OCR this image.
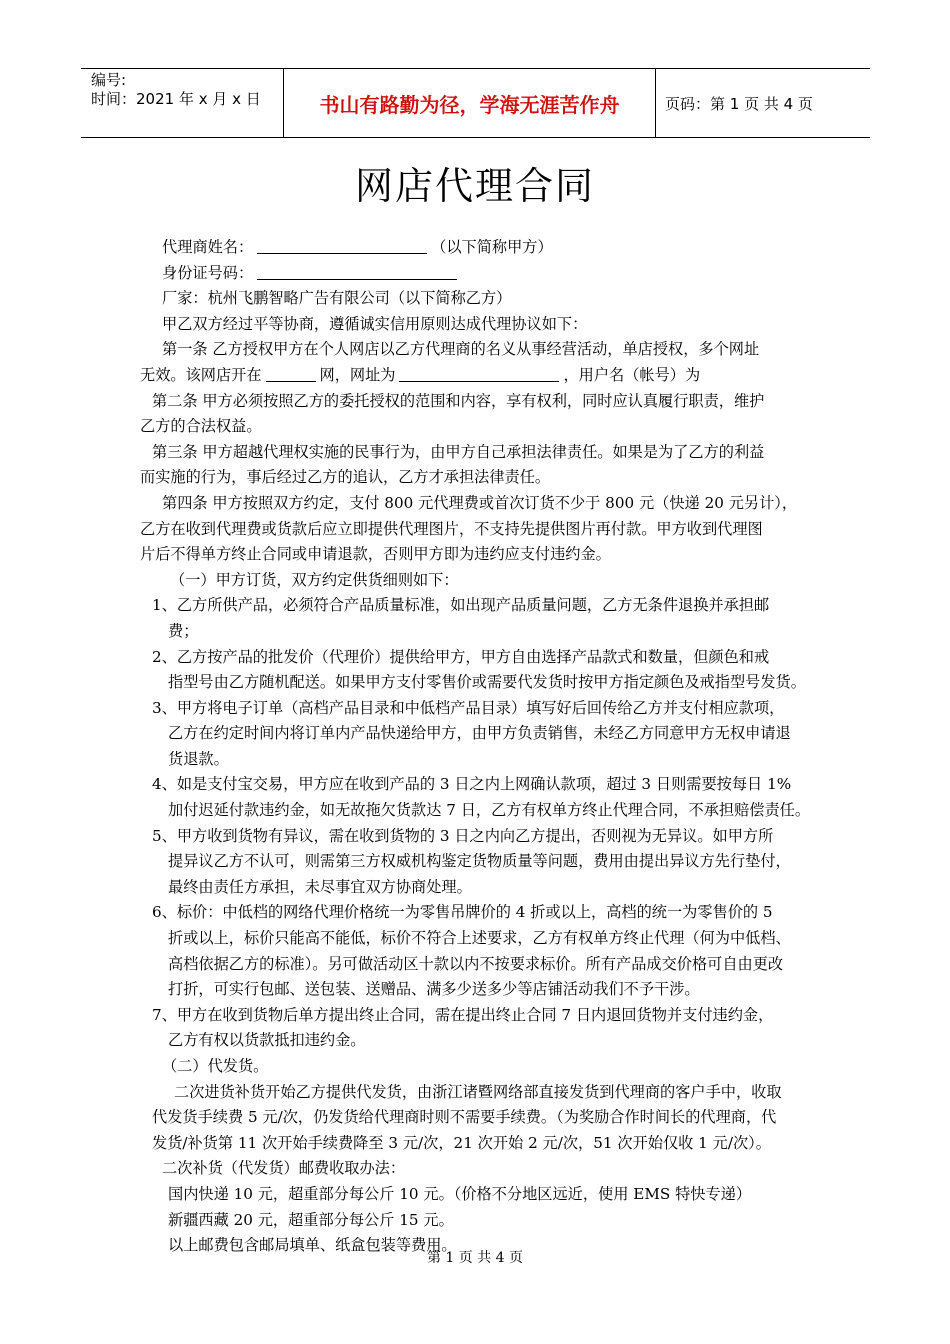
编号:
时间：2021 年 x 月 x 日	书山有路勤为径，学海无涯苦作舟	页码：第 1 页 共 4 页
网店代理合同
代理商姓名：	（以下简称甲方）
身份证号码：
厂家：杭州飞鹏智略广告有限公司（以下简称乙方）
甲乙双方经过平等协商，遵循诚实信用原则达成代理协议如下：
第一条 乙方授权甲方在个人网店以乙方代理商的名义从事经营活动，单店授权，多个网址
无效。该网店开在	网，网址为	，用户名（帐号）为
第二条 甲方必须按照乙方的委托授权的范围和内容，享有权利，同时应认真履行职责，维护
乙方的合法权益。
第三条 甲方超越代理权实施的民事行为，由甲方自己承担法律责任。如果是为了乙方的利益
而实施的行为，事后经过乙方的追认，乙方才承担法律责任。
第四条 甲方按照双方约定，支付 800 元代理费或首次订货不少于 800 元（快递 20 元另计），
乙方在收到代理费或货款后应立即提供代理图片，不支持先提供图片再付款。甲方收到代理图
片后不得单方终止合同或申请退款，否则甲方即为违约应支付违约金。
（一）甲方订货，双方约定供货细则如下：
1、乙方所供产品，必须符合产品质量标准，如出现产品质量问题，乙方无条件退换并承担邮
费；
2、乙方按产品的批发价（代理价）提供给甲方，甲方自由选择产品款式和数量，但颜色和戒
指型号由乙方随机配送。如果甲方支付零售价或需要代发货时按甲方指定颜色及戒指型号发货。
3、甲方将电子订单（高档产品目录和中低档产品目录）填写好后回传给乙方并支付相应款项，
乙方在约定时间内将订单内产品快递给甲方，由甲方负责销售，未经乙方同意甲方无权申请退
货退款。
4、如是支付宝交易，甲方应在收到产品的 3 日之内上网确认款项，超过 3 日则需要按每日 1%
加付迟延付款违约金，如无故拖欠货款达 7 日，乙方有权单方终止代理合同，不承担赔偿责任。
5、甲方收到货物有异议，需在收到货物的 3 日之内向乙方提出，否则视为无异议。如甲方所
提异议乙方不认可，则需第三方权威机构鉴定货物质量等问题，费用由提出异议方先行垫付，
最终由责任方承担，未尽事宜双方协商处理。
6、标价：中低档的网络代理价格统一为零售吊牌价的 4 折或以上，高档的统一为零售价的 5
折或以上，标价只能高不能低，标价不符合上述要求，乙方有权单方终止代理（何为中低档、
高档依据乙方的标准）。另可做活动区十款以内不按要求标价。所有产品成交价格可自由更改
打折，可实行包邮、送包装、送赠品、满多少送多少等店铺活动我们不予干涉。
7、甲方在收到货物后单方提出终止合同，需在提出终止合同 7 日内退回货物并支付违约金，
乙方有权以货款抵扣违约金。
（二）代发货。
二次进货补货开始乙方提供代发货，由浙江诸暨网络部直接发货到代理商的客户手中，收取
代发货手续费 5 元/次，仍发货给代理商时则不需要手续费。（为奖励合作时间长的代理商，代
发货/补货第 11 次开始手续费降至 3 元/次，21 次开始 2 元/次，51 次开始仅收 1 元/次）。
二次补货（代发货）邮费收取办法：
国内快递 10 元，超重部分每公斤 10 元。（价格不分地区远近，使用 EMS 特快专递）
新疆西藏 20 元，超重部分每公斤 15 元。
以上邮费包含邮局填单、纸盒包装等费用。
第 1 页 共 4 页
